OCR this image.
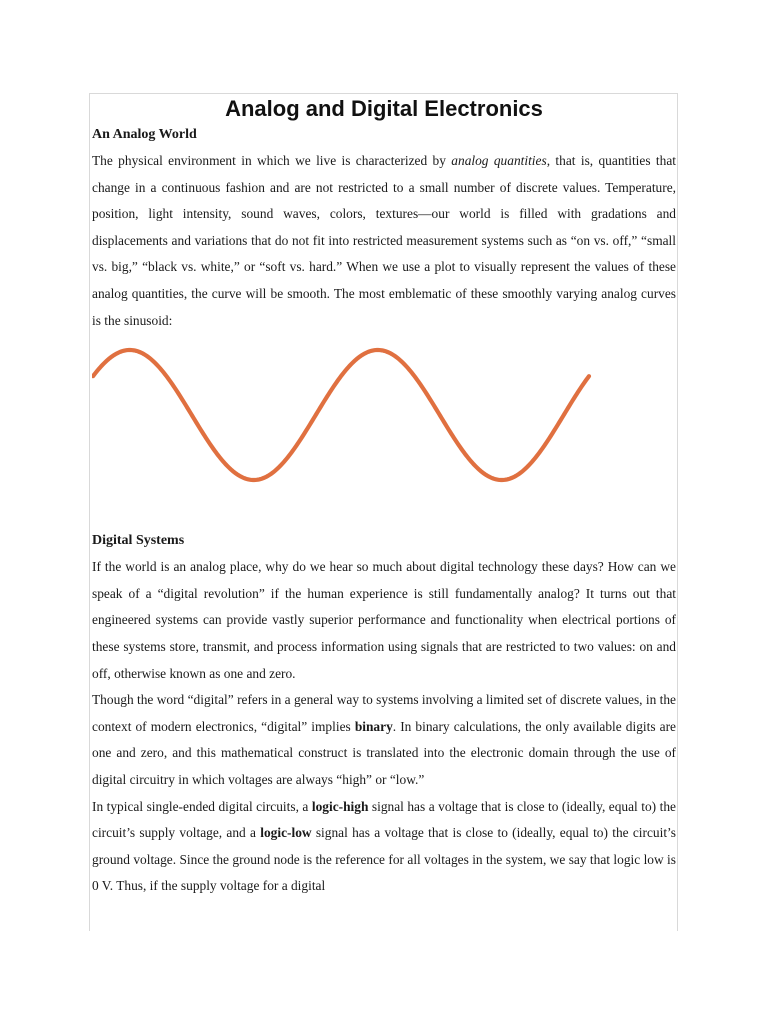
Analog and Digital Electronics
An Analog World

The physical environment in which we live is characterized by analog quantities, that is, quantities that change in a continuous fashion and are not restricted to a small number of discrete values. Temperature, position, light intensity, sound waves, colors, textures—our world is filled with gradations and displacements and variations that do not fit into restricted measurement systems such as “on vs. off,” “small vs. big,” “black vs. white,” or “soft vs. hard.” When we use a plot to visually represent the values of these analog quantities, the curve will be smooth. The most emblematic of these smoothly varying analog curves is the sinusoid:

Digital Systems

If the world is an analog place, why do we hear so much about digital technology these days? How can we speak of a “digital revolution” if the human experience is still fundamentally analog? It turns out that engineered systems can provide vastly superior performance and functionality when electrical portions of these systems store, transmit, and process information using signals that are restricted to two values: on and off, otherwise known as one and zero.

Though the word “digital” refers in a general way to systems involving a limited set of discrete values, in the context of modern electronics, “digital” implies binary. In binary calculations, the only available digits are one and zero, and this mathematical construct is translated into the electronic domain through the use of digital circuitry in which voltages are always “high” or “low.”

In typical single-ended digital circuits, a logic-high signal has a voltage that is close to (ideally, equal to) the circuit’s supply voltage, and a logic-low signal has a voltage that is close to (ideally, equal to) the circuit’s ground voltage. Since the ground node is the reference for all voltages in the system, we say that logic low is 0 V. Thus, if the supply voltage for a digital
